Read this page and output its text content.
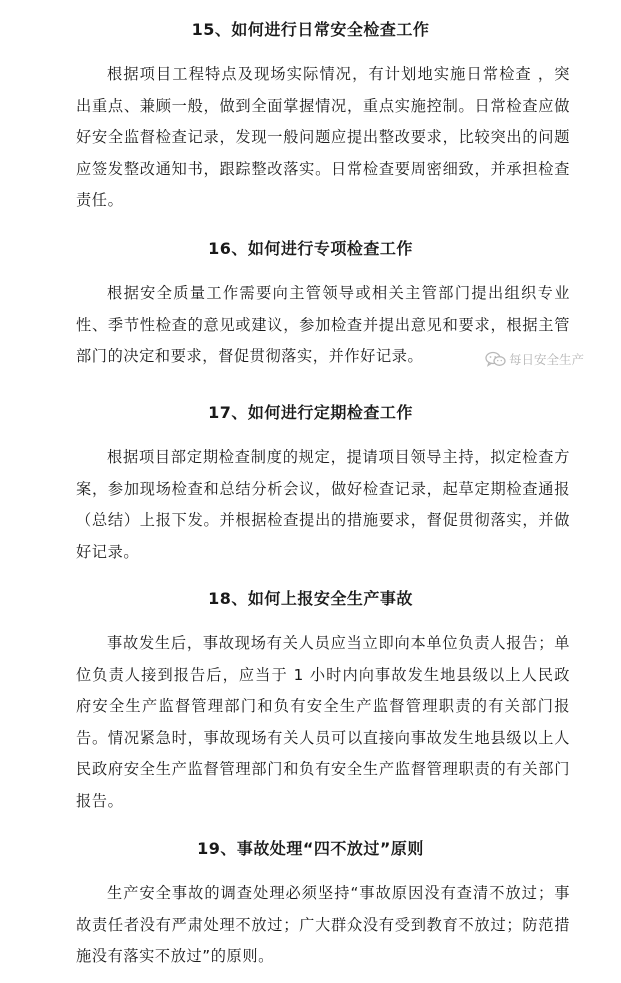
15、如何进行日常安全检查工作
根据项目工程特点及现场实际情况，有计划地实施日常检查 ，突出重点、兼顾一般，做到全面掌握情况，重点实施控制。日常检查应做好安全监督检查记录，发现一般问题应提出整改要求，比较突出的问题应签发整改通知书，跟踪整改落实。日常检查要周密细致，并承担检查责任。
16、如何进行专项检查工作
根据安全质量工作需要向主管领导或相关主管部门提出组织专业性、季节性检查的意见或建议，参加检查并提出意见和要求，根据主管部门的决定和要求，督促贯彻落实，并作好记录。
17、如何进行定期检查工作
根据项目部定期检查制度的规定，提请项目领导主持，拟定检查方案，参加现场检查和总结分析会议，做好检查记录，起草定期检查通报（总结）上报下发。并根据检查提出的措施要求，督促贯彻落实，并做好记录。
18、如何上报安全生产事故
事故发生后，事故现场有关人员应当立即向本单位负责人报告；单位负责人接到报告后，应当于 1 小时内向事故发生地县级以上人民政府安全生产监督管理部门和负有安全生产监督管理职责的有关部门报告。情况紧急时，事故现场有关人员可以直接向事故发生地县级以上人民政府安全生产监督管理部门和负有安全生产监督管理职责的有关部门报告。
19、事故处理“四不放过”原则
生产安全事故的调查处理必须坚持“事故原因没有查清不放过；事故责任者没有严肃处理不放过；广大群众没有受到教育不放过；防范措施没有落实不放过”的原则。
每日安全生产
